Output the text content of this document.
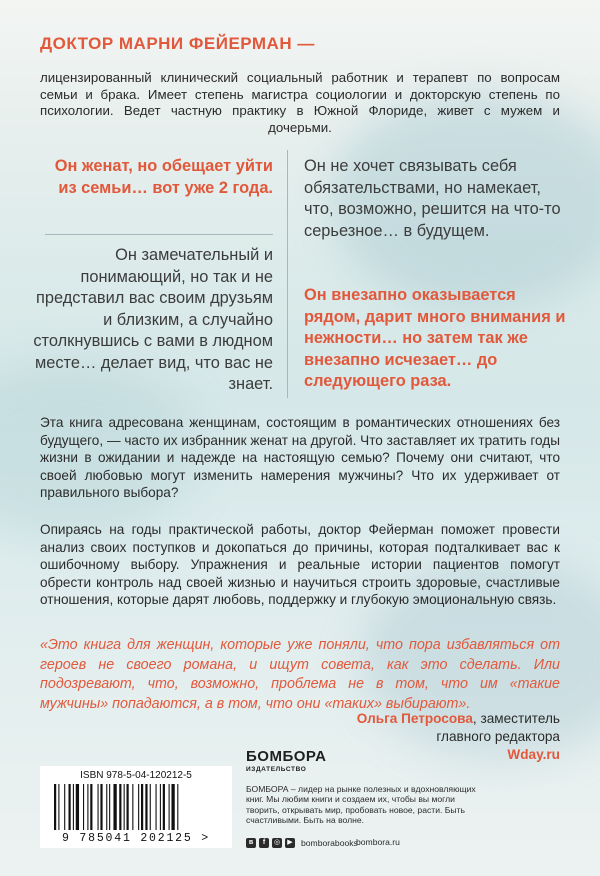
ДОКТОР МАРНИ ФЕЙЕРМАН —
лицензированный клинический социальный работник и терапевт по вопросам семьи и брака. Имеет степень магистра социологии и докторскую степень по психологии. Ведет частную практику в Южной Флориде, живет с мужем и дочерьми.
Он женат, но обещает уйти из семьи… вот уже 2 года.
Он не хочет связывать себя обязательствами, но намекает, что, возможно, решится на что-то серьезное… в будущем.
Он замечательный и понимающий, но так и не представил вас своим друзьям и близким, а случайно столкнувшись с вами в людном месте… делает вид, что вас не знает.
Он внезапно оказывается рядом, дарит много внимания и нежности… но затем так же внезапно исчезает… до следующего раза.
Эта книга адресована женщинам, состоящим в романтических отношениях без будущего, — часто их избранник женат на другой. Что заставляет их тратить годы жизни в ожидании и надежде на настоящую семью? Почему они считают, что своей любовью могут изменить намерения мужчины? Что их удерживает от правильного выбора?
Опираясь на годы практической работы, доктор Фейерман поможет провести анализ своих поступков и докопаться до причины, которая подталкивает вас к ошибочному выбору. Упражнения и реальные истории пациентов помогут обрести контроль над своей жизнью и научиться строить здоровые, счастливые отношения, которые дарят любовь, поддержку и глубокую эмоциональную связь.
«Это книга для женщин, которые уже поняли, что пора избавляться от героев не своего романа, и ищут совета, как это сделать. Или подозревают, что, возможно, проблема не в том, что им «такие мужчины» попадаются, а в том, что они «таких» выбирают».
Ольга Петросова, заместитель
главного редактора
Wday.ru
ISBN 978-5-04-120212-5
9 785041 202125 >
БОМБОРА
ИЗДАТЕЛЬСТВО
БОМБОРА – лидер на рынке полезных и вдохновляющих книг. Мы любим книги и создаем их, чтобы вы могли творить, открывать мир, пробовать новое, расти. Быть счастливыми. Быть на волне.
в	f	◎	▶ bomborabooks
bombora.ru
